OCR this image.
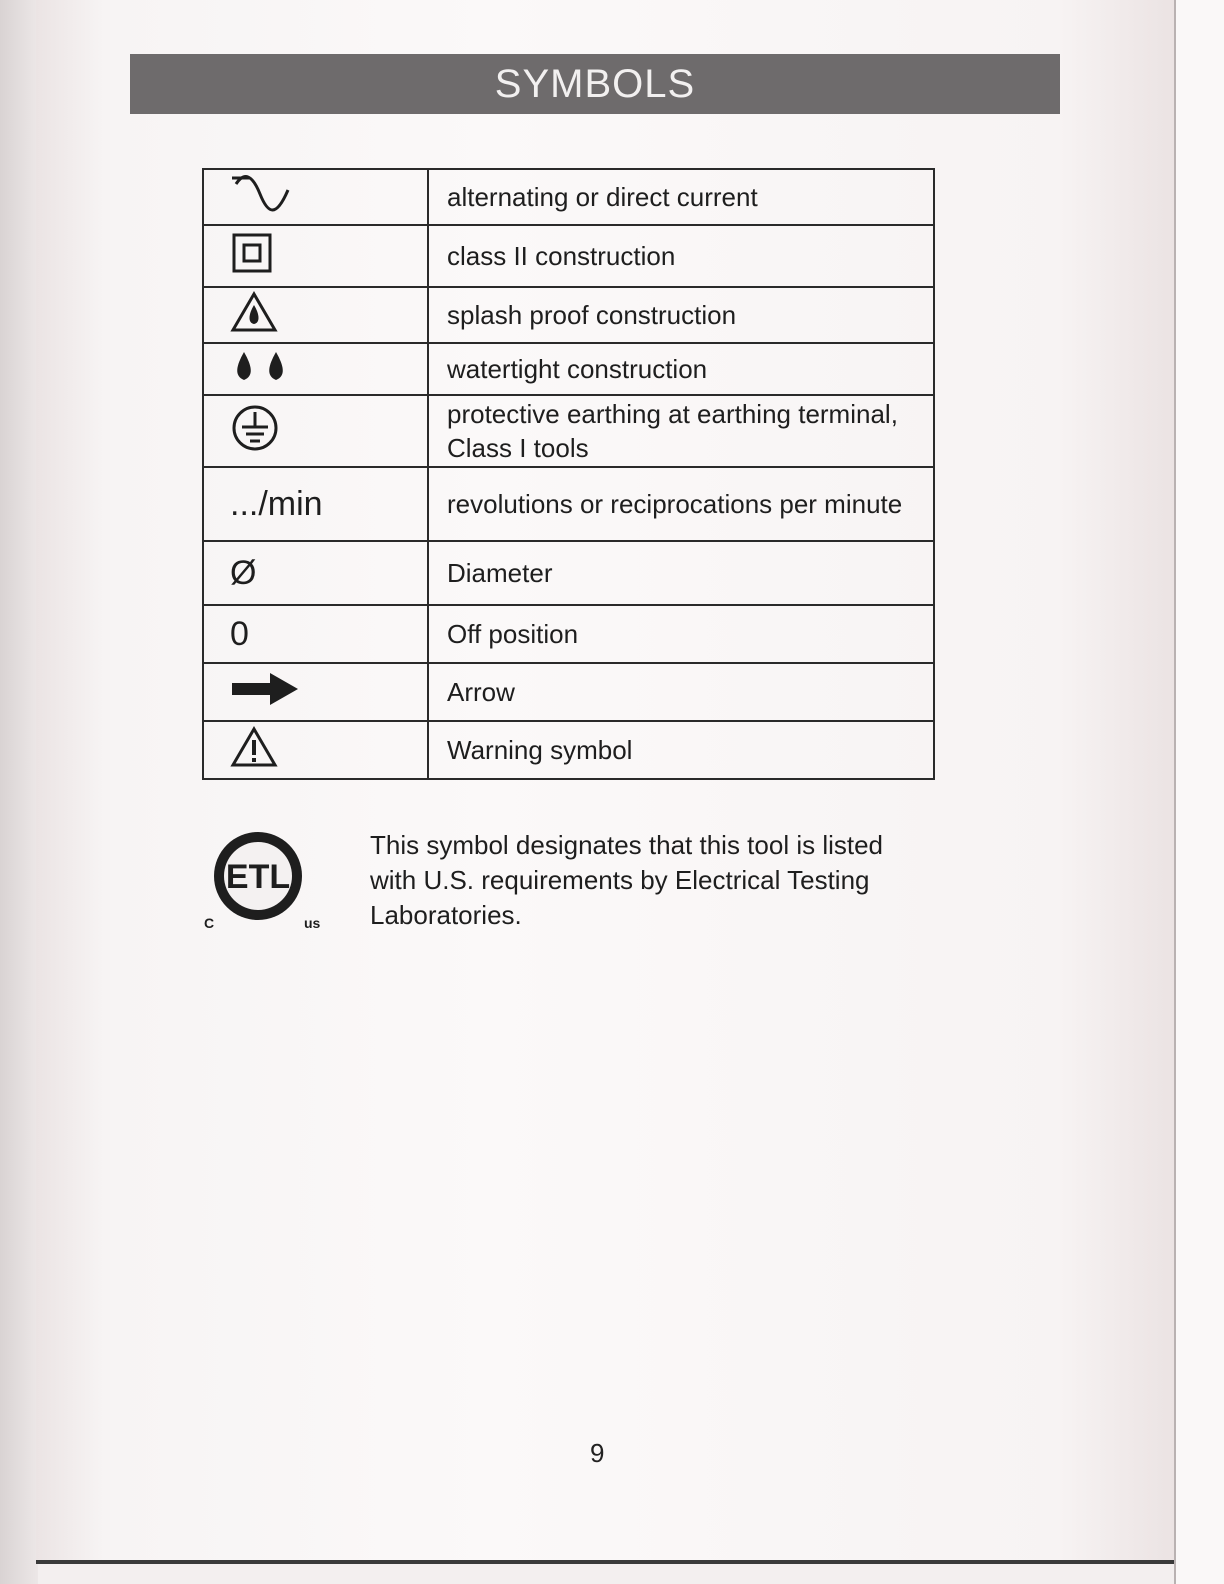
SYMBOLS
	alternating or direct current
	class II construction
	splash proof construction
	watertight construction
	protective earthing at earthing terminal, Class I tools
.../min	revolutions or reciprocations per minute
Ø	Diameter
0	Off position
	Arrow
	Warning symbol
ETL
C	us
This symbol designates that this tool is listed with U.S. requirements by Electrical Testing Laboratories.
9
